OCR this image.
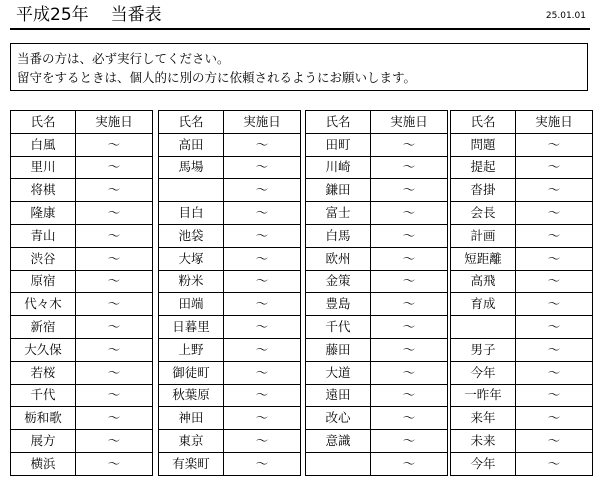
平成25年 当番表	25.01.01
当番の方は、必ず実行してください。
留守をするときは、個人的に別の方に依頼されるようにお願いします。
氏名	実施日
白風	～
里川	～
将棋	～
隆康	～
青山	～
渋谷	～
原宿	～
代々木	～
新宿	～
大久保	～
若桜	～
千代	～
栃和歌	～
展方	～
横浜	～
氏名	実施日
高田	～
馬場	～
	～
目白	～
池袋	～
大塚	～
粉米	～
田端	～
日暮里	～
上野	～
御徒町	～
秋葉原	～
神田	～
東京	～
有楽町	～
氏名	実施日
田町	～
川崎	～
鎌田	～
富士	～
白馬	～
欧州	～
金策	～
豊島	～
千代	～
藤田	～
大道	～
遠田	～
改心	～
意識	～
	～
氏名	実施日
問題	～
提起	～
沓掛	～
会長	～
計画	～
短距離	～
高飛	～
育成	～
	～
男子	～
今年	～
一昨年	～
来年	～
未来	～
今年	～
